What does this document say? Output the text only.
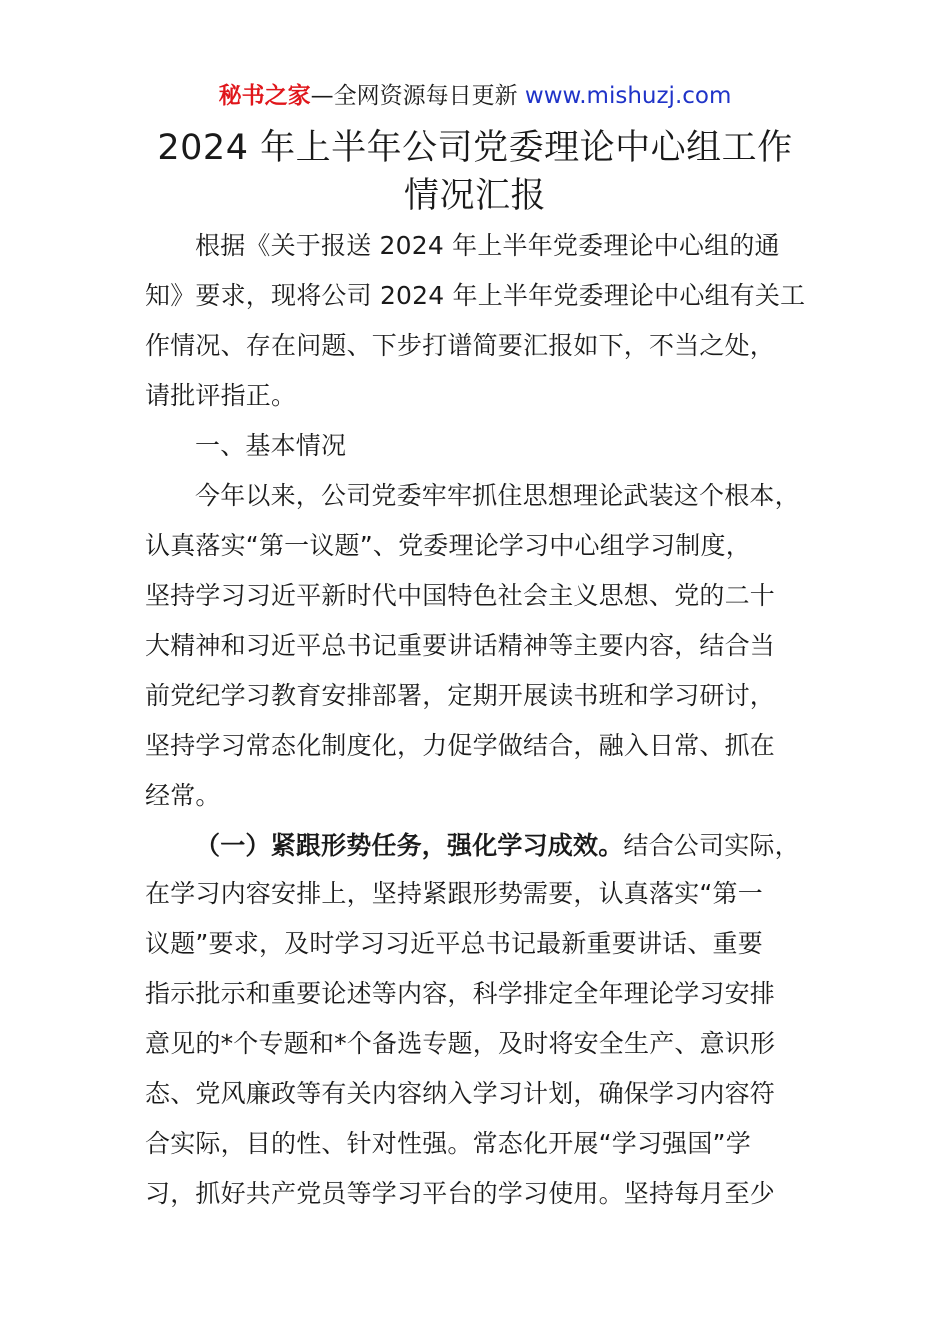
秘书之家—全网资源每日更新 www.mishuzj.com
2024 年上半年公司党委理论中心组工作
情况汇报
根据《关于报送 2024 年上半年党委理论中心组的通
知》要求，现将公司 2024 年上半年党委理论中心组有关工
作情况、存在问题、下步打谱简要汇报如下，不当之处，
请批评指正。
一、基本情况
今年以来，公司党委牢牢抓住思想理论武装这个根本，
认真落实“第一议题”、党委理论学习中心组学习制度，
坚持学习习近平新时代中国特色社会主义思想、党的二十
大精神和习近平总书记重要讲话精神等主要内容，结合当
前党纪学习教育安排部署，定期开展读书班和学习研讨，
坚持学习常态化制度化，力促学做结合，融入日常、抓在
经常。
（一）紧跟形势任务，强化学习成效。结合公司实际，
在学习内容安排上，坚持紧跟形势需要，认真落实“第一
议题”要求，及时学习习近平总书记最新重要讲话、重要
指示批示和重要论述等内容，科学排定全年理论学习安排
意见的*个专题和*个备选专题，及时将安全生产、意识形
态、党风廉政等有关内容纳入学习计划，确保学习内容符
合实际，目的性、针对性强。常态化开展“学习强国”学
习，抓好共产党员等学习平台的学习使用。坚持每月至少
